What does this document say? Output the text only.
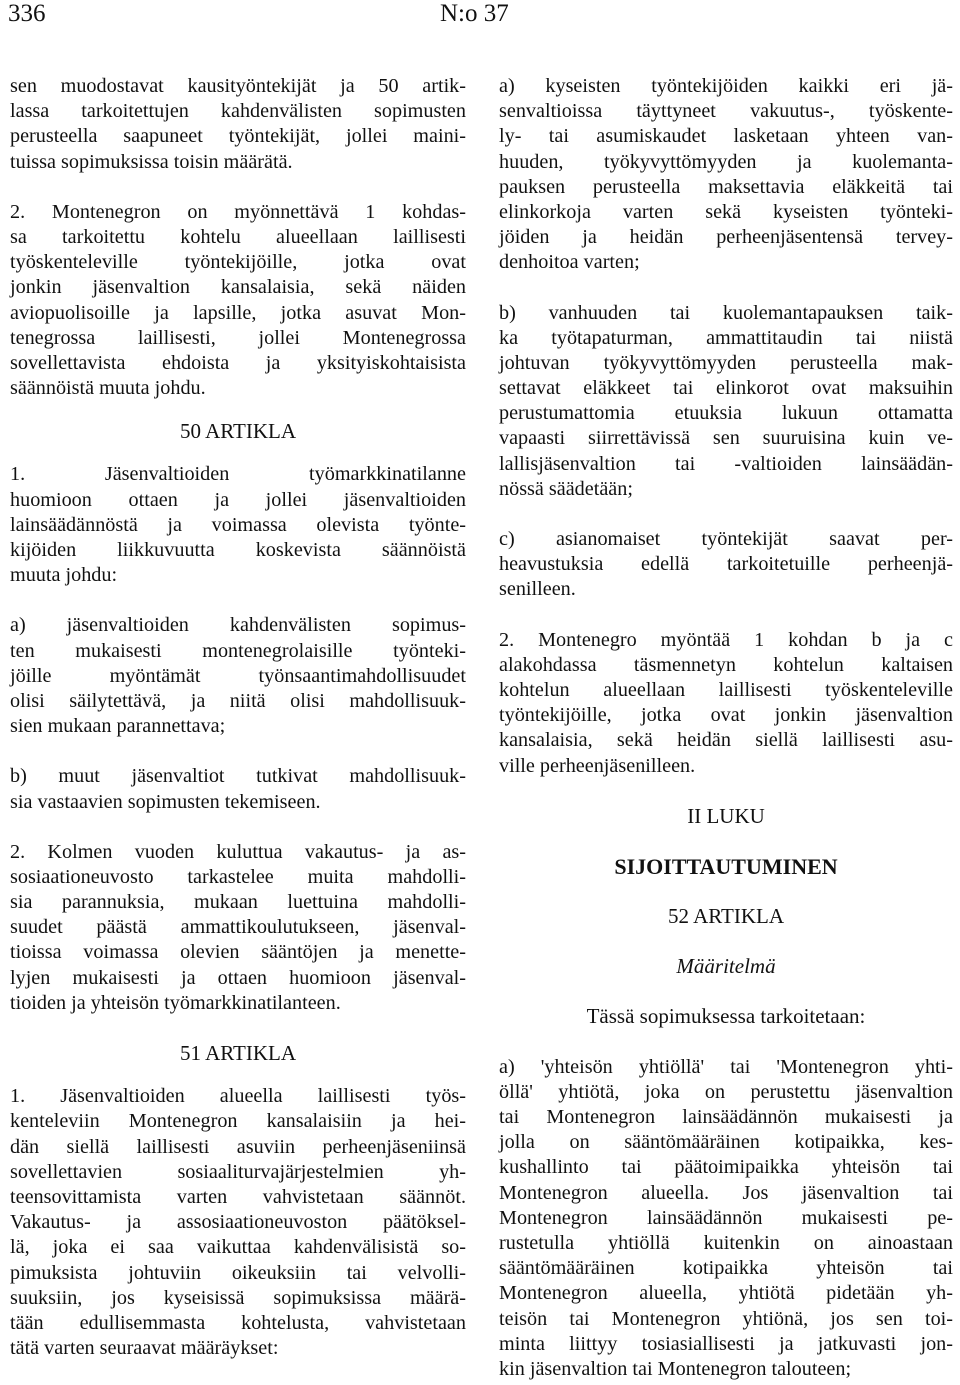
336	N:o 37
sen muodostavat kausityöntekijät ja 50 artik-
lassa tarkoitettujen kahdenvälisten sopimusten
perusteella saapuneet työntekijät, jollei maini-
tuissa sopimuksissa toisin määrätä.
2. Montenegron on myönnettävä 1 kohdas-
sa tarkoitettu kohtelu alueellaan laillisesti
työskenteleville työntekijöille, jotka ovat
jonkin jäsenvaltion kansalaisia, sekä näiden
aviopuolisoille ja lapsille, jotka asuvat Mon-
tenegrossa laillisesti, jollei Montenegrossa
sovellettavista ehdoista ja yksityiskohtaisista
säännöistä muuta johdu.
50 ARTIKLA
1. Jäsenvaltioiden työmarkkinatilanne
huomioon ottaen ja jollei jäsenvaltioiden
lainsäädännöstä ja voimassa olevista työnte-
kijöiden liikkuvuutta koskevista säännöistä
muuta johdu:
a) jäsenvaltioiden kahdenvälisten sopimus-
ten mukaisesti montenegrolaisille työnteki-
jöille myöntämät työnsaantimahdollisuudet
olisi säilytettävä, ja niitä olisi mahdollisuuk-
sien mukaan parannettava;
b) muut jäsenvaltiot tutkivat mahdollisuuk-
sia vastaavien sopimusten tekemiseen.
2. Kolmen vuoden kuluttua vakautus- ja as-
sosiaationeuvosto tarkastelee muita mahdolli-
sia parannuksia, mukaan luettuina mahdolli-
suudet päästä ammattikoulutukseen, jäsenval-
tioissa voimassa olevien sääntöjen ja menette-
lyjen mukaisesti ja ottaen huomioon jäsenval-
tioiden ja yhteisön työmarkkinatilanteen.
51 ARTIKLA
1. Jäsenvaltioiden alueella laillisesti työs-
kenteleviin Montenegron kansalaisiin ja hei-
dän siellä laillisesti asuviin perheenjäseniinsä
sovellettavien sosiaaliturvajärjestelmien yh-
teensovittamista varten vahvistetaan säännöt.
Vakautus- ja assosiaationeuvoston päätöksel-
lä, joka ei saa vaikuttaa kahdenvälisistä so-
pimuksista johtuviin oikeuksiin tai velvolli-
suuksiin, jos kyseisissä sopimuksissa määrä-
tään edullisemmasta kohtelusta, vahvistetaan
tätä varten seuraavat määräykset:
a) kyseisten työntekijöiden kaikki eri jä-
senvaltioissa täyttyneet vakuutus-, työskente-
ly- tai asumiskaudet lasketaan yhteen van-
huuden, työkyvyttömyyden ja kuolemanta-
pauksen perusteella maksettavia eläkkeitä tai
elinkorkoja varten sekä kyseisten työnteki-
jöiden ja heidän perheenjäsentensä tervey-
denhoitoa varten;
b) vanhuuden tai kuolemantapauksen taik-
ka työtapaturman, ammattitaudin tai niistä
johtuvan työkyvyttömyyden perusteella mak-
settavat eläkkeet tai elinkorot ovat maksuihin
perustumattomia etuuksia lukuun ottamatta
vapaasti siirrettävissä sen suuruisina kuin ve-
lallisjäsenvaltion tai -valtioiden lainsäädän-
nössä säädetään;
c) asianomaiset työntekijät saavat per-
heavustuksia edellä tarkoitetuille perheenjä-
senilleen.
2. Montenegro myöntää 1 kohdan b ja c
alakohdassa täsmennetyn kohtelun kaltaisen
kohtelun alueellaan laillisesti työskenteleville
työntekijöille, jotka ovat jonkin jäsenvaltion
kansalaisia, sekä heidän siellä laillisesti asu-
ville perheenjäsenilleen.
II LUKU
SIJOITTAUTUMINEN
52 ARTIKLA
Määritelmä
Tässä sopimuksessa tarkoitetaan:
a) 'yhteisön yhtiöllä' tai 'Montenegron yhti-
öllä' yhtiötä, joka on perustettu jäsenvaltion
tai Montenegron lainsäädännön mukaisesti ja
jolla on sääntömääräinen kotipaikka, kes-
kushallinto tai päätoimipaikka yhteisön tai
Montenegron alueella. Jos jäsenvaltion tai
Montenegron lainsäädännön mukaisesti pe-
rustetulla yhtiöllä kuitenkin on ainoastaan
sääntömääräinen kotipaikka yhteisön tai
Montenegron alueella, yhtiötä pidetään yh-
teisön tai Montenegron yhtiönä, jos sen toi-
minta liittyy tosiasiallisesti ja jatkuvasti jon-
kin jäsenvaltion tai Montenegron talouteen;
